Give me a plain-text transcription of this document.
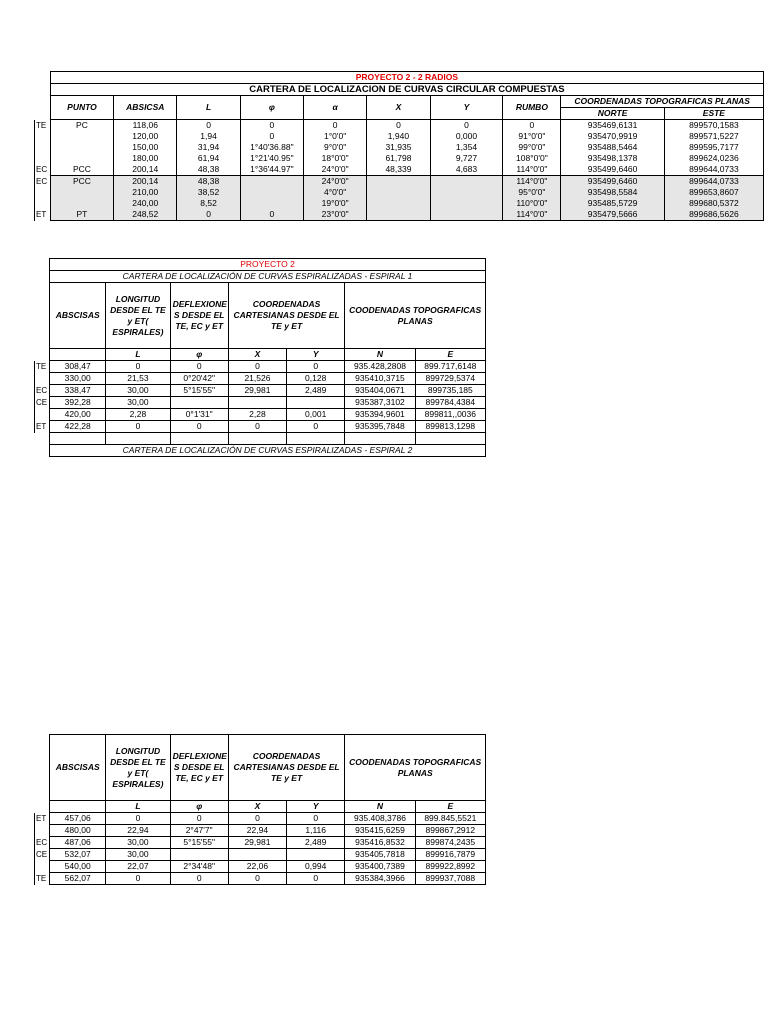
	PROYECTO 2 - 2 RADIOS									
	CARTERA DE LOCALIZACION DE CURVAS CIRCULAR COMPUESTAS									
	PUNTO	ABSICSA	L	φ	α	X	Y	RUMBO	COORDENADAS TOPOGRAFICAS PLANAS	
									NORTE	ESTE
TE	PC	118,06	0	0	0	0	0	0	935469,6131	899570,1583
		120,00	1,94	0	1°0'0"	1,940	0,000	91°0'0"	935470,9919	899571,5227
		150,00	31,94	1°40'36.88"	9°0'0"	31,935	1,354	99°0'0"	935488,5464	899595,7177
		180,00	61,94	1°21'40.95"	18°0'0"	61,798	9,727	108°0'0"	935498,1378	899624,0236
EC	PCC	200,14	48,38	1°36'44.97"	24°0'0"	48,339	4,683	114°0'0"	935499,6460	899644,0733
EC	PCC	200,14	48,38		24°0'0"			114°0'0"	935499,6460	899644,0733
		210,00	38,52		4°0'0"			95°0'0"	935498,5584	899653,8607
		240,00	8,52		19°0'0"			110°0'0"	935485,5729	899680,5372
ET	PT	248,52	0	0	23°0'0"			114°0'0"	935479,5666	899686,5626
	PROYECTO 2						
	CARTERA DE LOCALIZACIÓN DE CURVAS ESPIRALIZADAS - ESPIRAL 1						
	ABSCISAS	LONGITUD DESDE EL TE y ET( ESPIRALES)	DEFLEXIONE S DESDE EL TE, EC y ET	COORDENADAS CARTESIANAS DESDE EL TE y ET		COODENADAS TOPOGRAFICAS PLANAS	
		L	φ	X	Y	N	E
TE	308,47	0	0	0	0	935.428,2808	899.717,6148
	330,00	21,53	0°20'42"	21,526	0,128	935410,3715	899729,5374
EC	338,47	30,00	5°15'55"	29,981	2,489	935404,0671	899735,185
CE	392,28	30,00				935387,3102	899784,4384
	420,00	2,28	0°1'31"	2,28	0,001	935394,9601	899811,,0036
ET	422,28	0	0	0	0	935395,7848	899813,1298

	CARTERA DE LOCALIZACIÓN DE CURVAS ESPIRALIZADAS - ESPIRAL 2						
	ABSCISAS	LONGITUD DESDE EL TE y ET( ESPIRALES)	DEFLEXIONE S DESDE EL TE, EC y ET	COORDENADAS CARTESIANAS DESDE EL TE y ET		COODENADAS TOPOGRAFICAS PLANAS	
		L	φ	X	Y	N	E
ET	457,06	0	0	0	0	935.408,3786	899.845,5521
	480,00	22,94	2°47'7"	22,94	1,116	935415,6259	899867,2912
EC	487,06	30,00	5°15'55"	29,981	2,489	935416,8532	899874,2435
CE	532,07	30,00				935405,7818	899916,7879
	540,00	22,07	2°34'48"	22,06	0,994	935400,7389	899922,8992
TE	562,07	0	0	0	0	935384,3966	899937,7088
